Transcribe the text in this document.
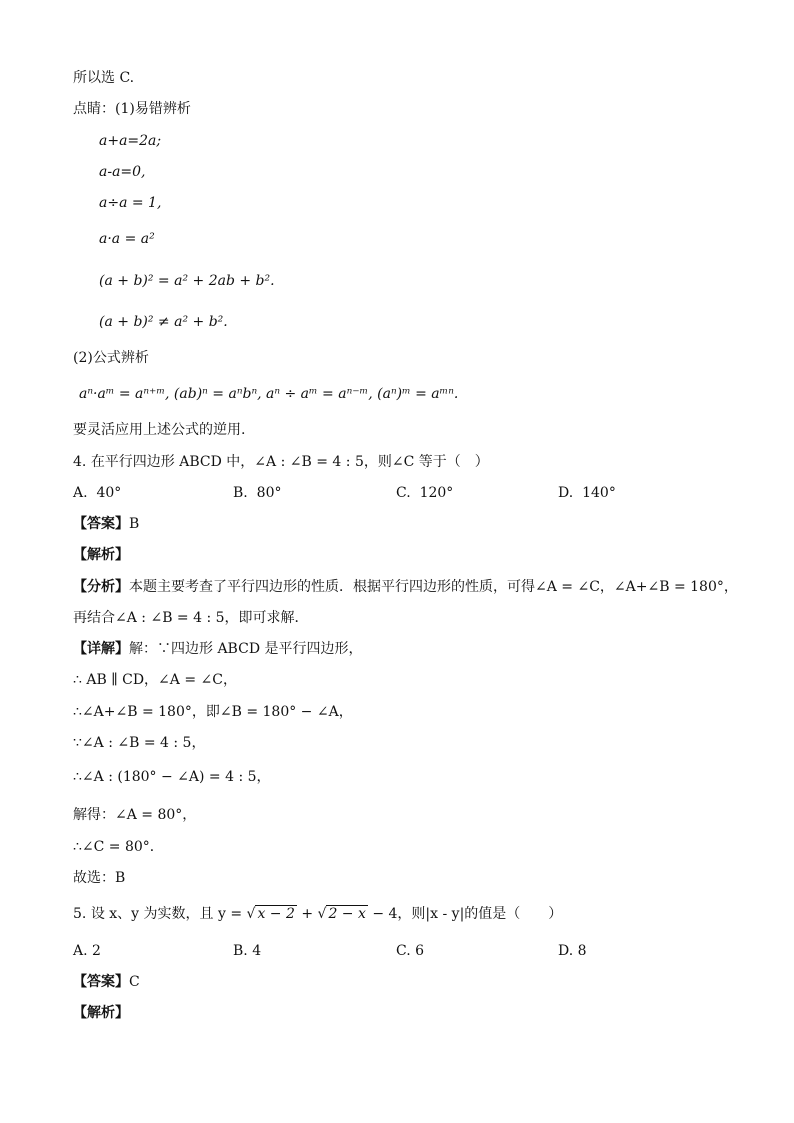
所以选 C.
点睛：(1)易错辨析
a+a=2a;
a-a=0,
a÷a = 1,
a·a = a²
(a + b)² = a² + 2ab + b².
(a + b)² ≠ a² + b².
(2)公式辨析
aⁿ·aᵐ = aⁿ⁺ᵐ, (ab)ⁿ = aⁿbⁿ, aⁿ ÷ aᵐ = aⁿ⁻ᵐ, (aⁿ)ᵐ = aᵐⁿ.
要灵活应用上述公式的逆用.
4. 在平行四边形 ABCD 中，∠A : ∠B = 4 : 5，则∠C 等于（　）
A. 40°	B. 80°	C. 120°	D. 140°
【答案】B
【解析】
【分析】本题主要考查了平行四边形的性质．根据平行四边形的性质，可得∠A = ∠C，∠A+∠B = 180°，
再结合∠A : ∠B = 4 : 5，即可求解．
【详解】解：∵四边形 ABCD 是平行四边形，
∴ AB ∥ CD，∠A = ∠C，
∴∠A+∠B = 180°，即∠B = 180° − ∠A，
∵∠A : ∠B = 4 : 5，
∴∠A : (180° − ∠A) = 4 : 5，
解得：∠A = 80°，
∴∠C = 80°．
故选：B
5. 设 x、y 为实数，且 y = √ x − 2 + √ 2 − x − 4，则|x - y|的值是（　　）
A. 2	B. 4	C. 6	D. 8
【答案】C
【解析】
